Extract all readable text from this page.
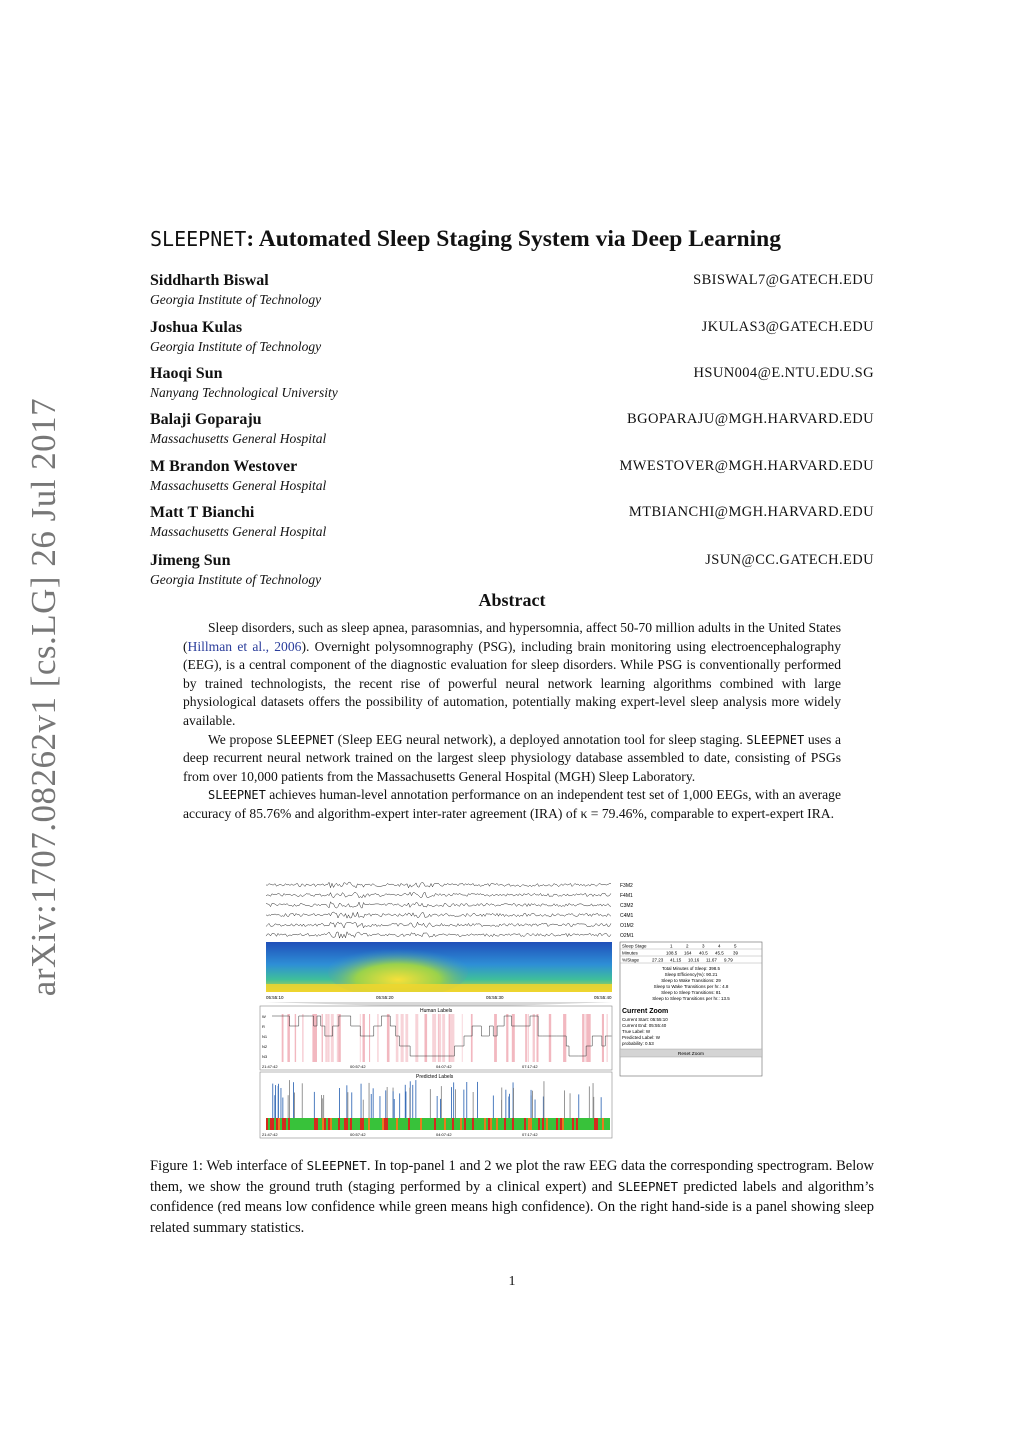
arXiv:1707.08262v1 [cs.LG] 26 Jul 2017
SLEEPNET: Automated Sleep Staging System via Deep Learning
Siddharth Biswal	SBISWAL7@GATECH.EDU
Georgia Institute of Technology
Joshua Kulas	JKULAS3@GATECH.EDU
Georgia Institute of Technology
Haoqi Sun	HSUN004@E.NTU.EDU.SG
Nanyang Technological University
Balaji Goparaju	BGOPARAJU@MGH.HARVARD.EDU
Massachusetts General Hospital
M Brandon Westover	MWESTOVER@MGH.HARVARD.EDU
Massachusetts General Hospital
Matt T Bianchi	MTBIANCHI@MGH.HARVARD.EDU
Massachusetts General Hospital
Jimeng Sun	JSUN@CC.GATECH.EDU
Georgia Institute of Technology
Abstract

Sleep disorders, such as sleep apnea, parasomnias, and hypersomnia, affect 50-70 million adults in the United States (Hillman et al., 2006). Overnight polysomnography (PSG), including brain monitoring using electroencephalography (EEG), is a central component of the diagnostic evaluation for sleep disorders. While PSG is conventionally performed by trained technologists, the recent rise of powerful neural network learning algorithms combined with large physiological datasets offers the possibility of automation, potentially making expert-level sleep analysis more widely available.

We propose SLEEPNET (Sleep EEG neural network), a deployed annotation tool for sleep staging. SLEEPNET uses a deep recurrent neural network trained on the largest sleep physiology database assembled to date, consisting of PSGs from over 10,000 patients from the Massachusetts General Hospital (MGH) Sleep Laboratory.

SLEEPNET achieves human-level annotation performance on an independent test set of 1,000 EEGs, with an average accuracy of 85.76% and algorithm-expert inter-rater agreement (IRA) of κ = 79.46%, comparable to expert-expert IRA.

F3M2
F4M1
C3M2
C4M1
O1M2
O2M1
05:55:10	05:55:20	05:55:30	05:55:40
Human Labels
W
R
N1
N2
N3
21:47:42	00:57:42	04:07:42	07:17:42
Predicted Labels
21:47:42	00:57:42	04:07:42	07:17:42
Sleep Stage	1	2	3	4	5
Minutes	108.5 164 40.5 45.5 39
%/Stage	27.23 41.15 10.16 11.67 9.79
Total Minutes of Sleep: 398.5
Sleep Efficiency(%): 90.21
Sleep to Wake Transitions: 29
Sleep to Wake Transitions per hr.: 4.8
Sleep to Sleep Transitions: 81
Sleep to Sleep Transitions per hr.: 13.5
Current Zoom
Current Start: 05:55:10
Current End: 05:55:40
True Label: W
Predicted Label: W
probability: 0.53
Reset Zoom
Figure 1: Web interface of SLEEPNET. In top-panel 1 and 2 we plot the raw EEG data the corresponding spectrogram. Below them, we show the ground truth (staging performed by a clinical expert) and SLEEPNET predicted labels and algorithm’s confidence (red means low confidence while green means high confidence). On the right hand-side is a panel showing sleep related summary statistics.
1
